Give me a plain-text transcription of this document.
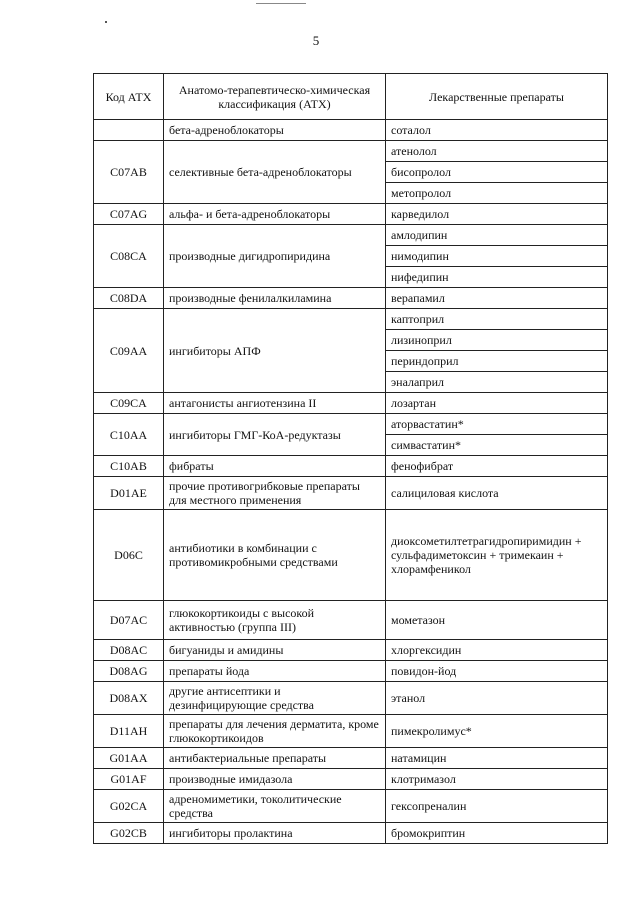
5
Код АТХ	Анатомо-терапевтическо-химическая классификация (АТХ)	Лекарственные препараты
	бета-адреноблокаторы	соталол
C07AB	селективные бета-адреноблокаторы	атенолол
		бисопролол
		метопролол
C07AG	альфа- и бета-адреноблокаторы	карведилол
C08CA	производные дигидропиридина	амлодипин
		нимодипин
		нифедипин
C08DA	производные фенилалкиламина	верапамил
C09AA	ингибиторы АПФ	каптоприл
		лизиноприл
		периндоприл
		эналаприл
C09CA	антагонисты ангиотензина II	лозартан
C10AA	ингибиторы ГМГ-КоА-редуктазы	аторвастатин*
		симвастатин*
C10AB	фибраты	фенофибрат
D01AE	прочие противогрибковые препараты для местного применения	салициловая кислота
D06C	антибиотики в комбинации с противомикробными средствами	диоксометилтетрагидропиримидин + сульфадиметоксин + тримекаин + хлорамфеникол
D07AC	глюкокортикоиды с высокой активностью (группа III)	мометазон
D08AC	бигуаниды и амидины	хлоргексидин
D08AG	препараты йода	повидон-йод
D08AX	другие антисептики и дезинфицирующие средства	этанол
D11AH	препараты для лечения дерматита, кроме глюкокортикоидов	пимекролимус*
G01AA	антибактериальные препараты	натамицин
G01AF	производные имидазола	клотримазол
G02CA	адреномиметики, токолитические средства	гексопреналин
G02CB	ингибиторы пролактина	бромокриптин
